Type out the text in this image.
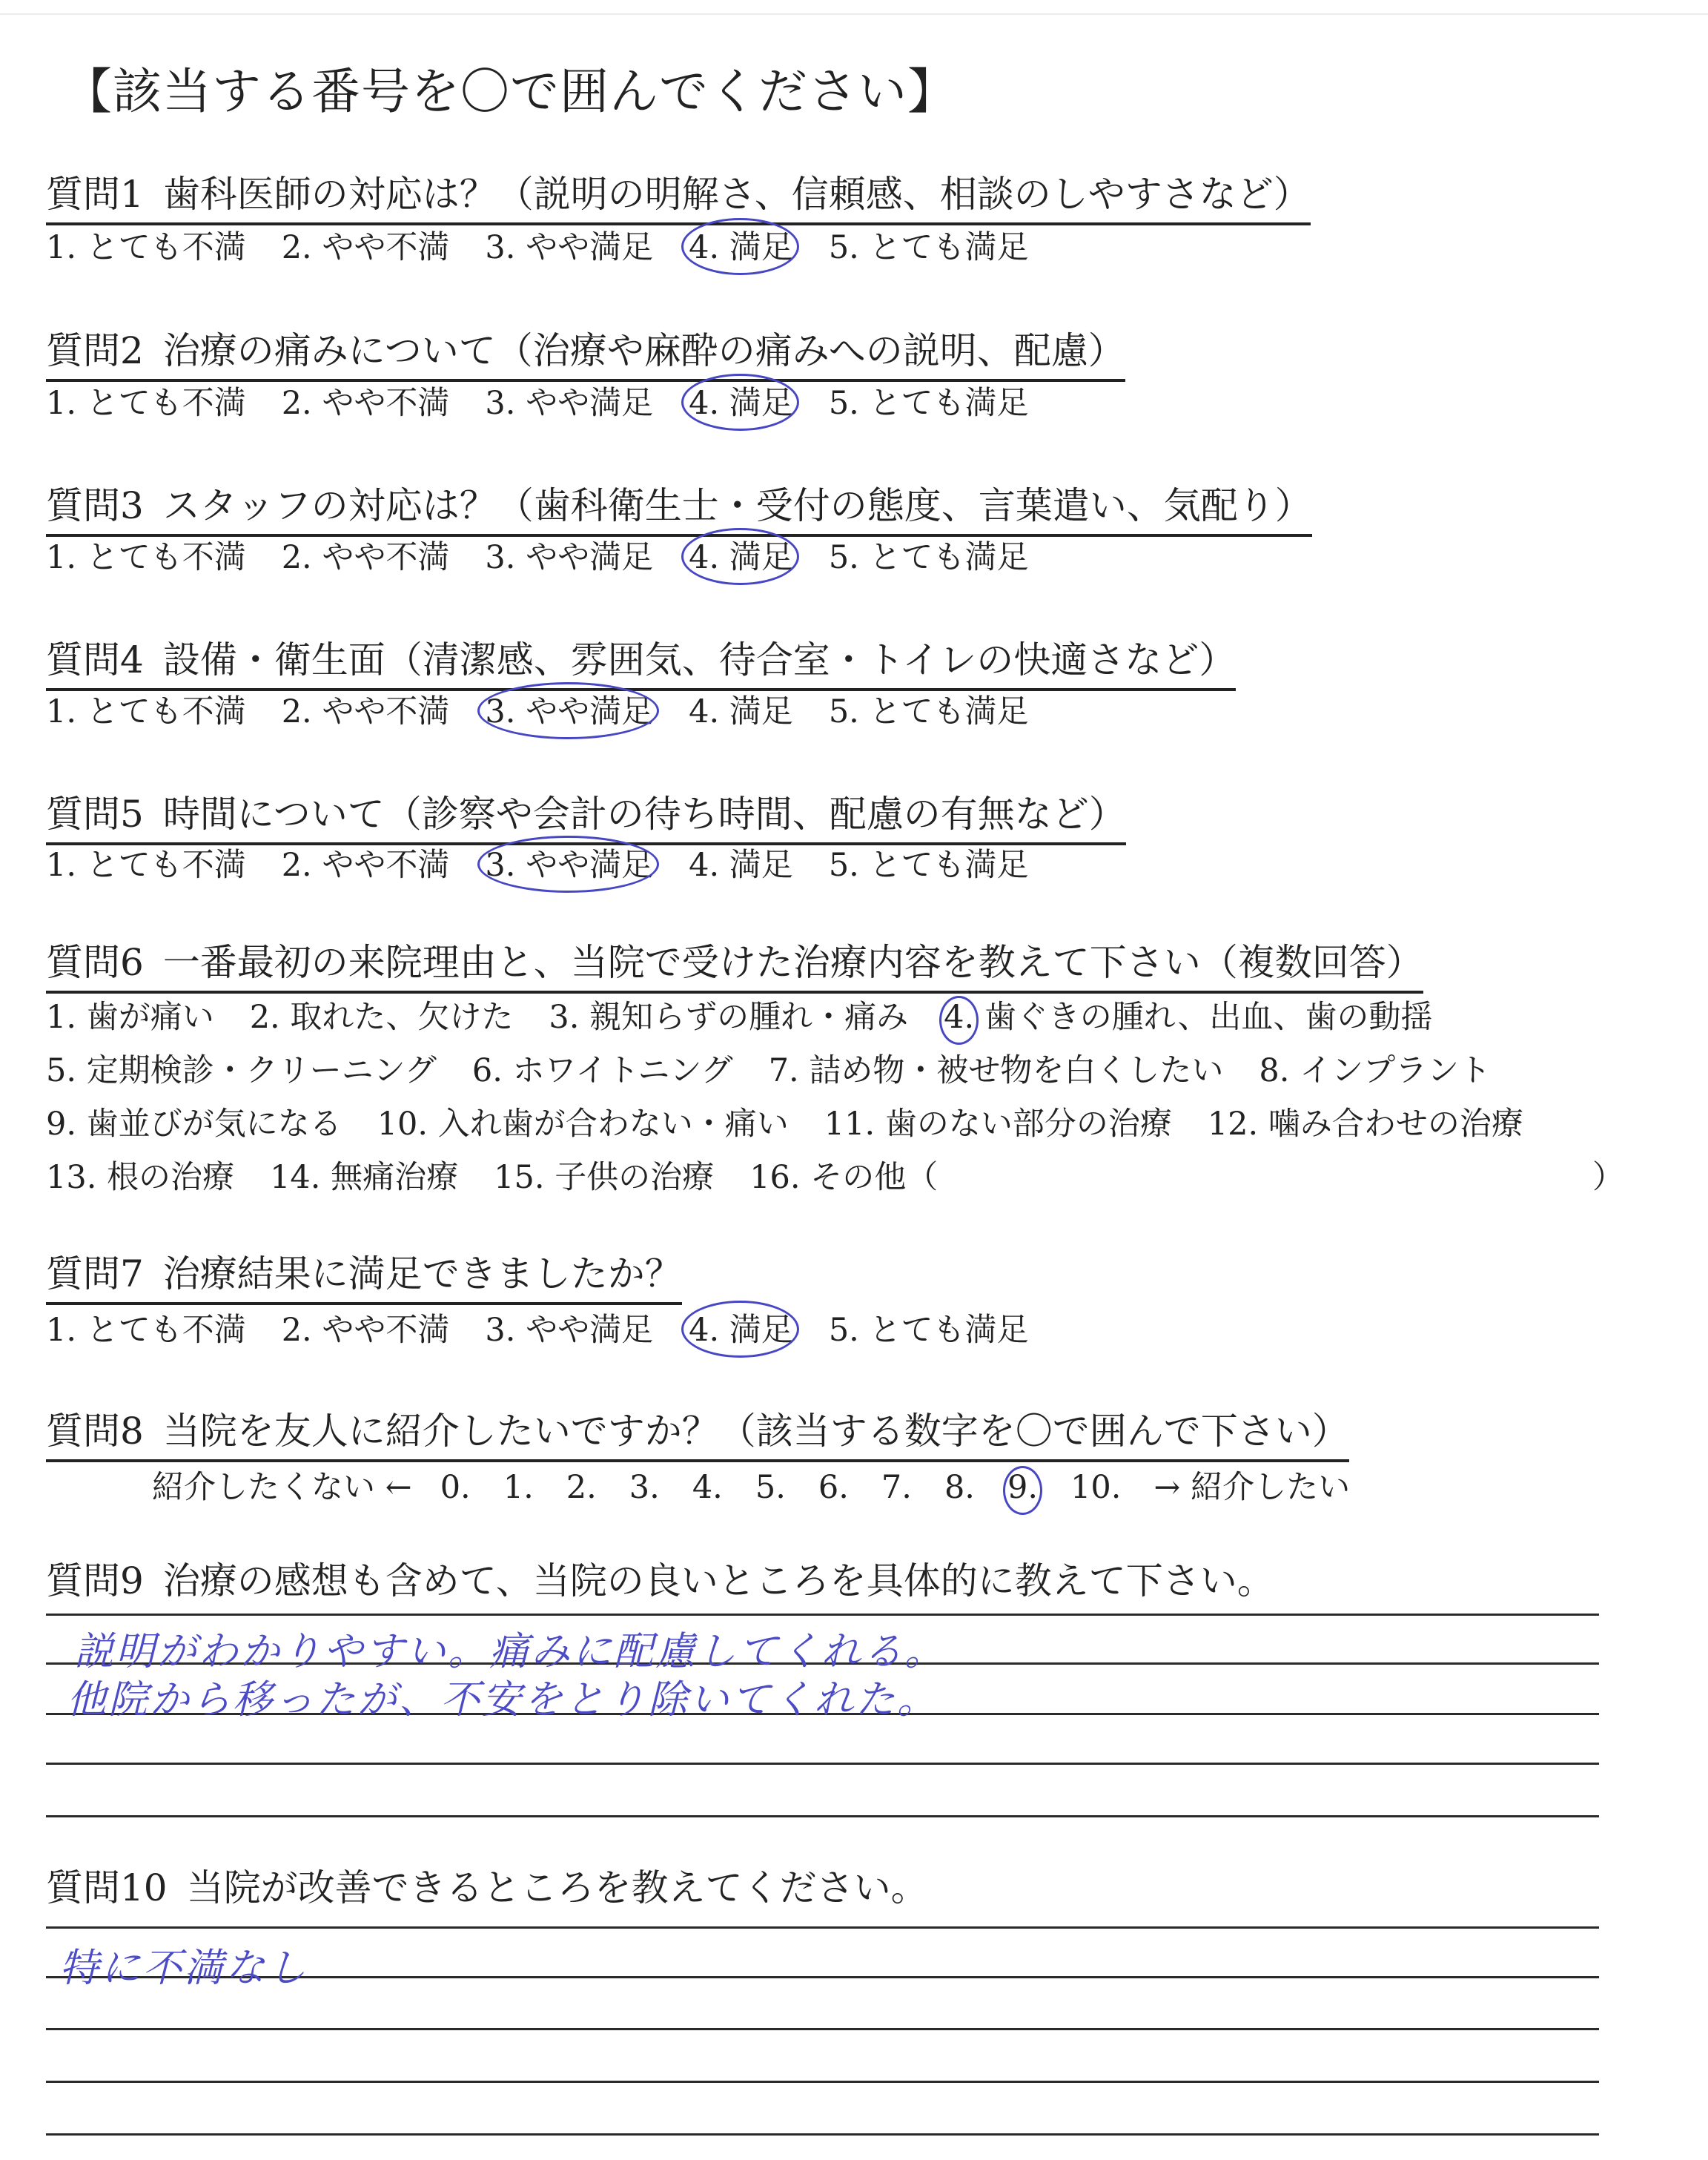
【該当する番号を〇で囲んでください】
質問1 歯科医師の対応は？（説明の明解さ、信頼感、相談のしやすさなど）
1. とても不満 2. やや不満 3. やや満足 4. 満足 5. とても満足
質問2 治療の痛みについて（治療や麻酔の痛みへの説明、配慮）
1. とても不満 2. やや不満 3. やや満足 4. 満足 5. とても満足
質問3 スタッフの対応は？（歯科衛生士・受付の態度、言葉遣い、気配り）
1. とても不満 2. やや不満 3. やや満足 4. 満足 5. とても満足
質問4 設備・衛生面（清潔感、雰囲気、待合室・トイレの快適さなど）
1. とても不満 2. やや不満 3. やや満足 4. 満足 5. とても満足
質問5 時間について（診察や会計の待ち時間、配慮の有無など）
1. とても不満 2. やや不満 3. やや満足 4. 満足 5. とても満足
質問6 一番最初の来院理由と、当院で受けた治療内容を教えて下さい（複数回答）
1. 歯が痛い 2. 取れた、欠けた 3. 親知らずの腫れ・痛み 4. 歯ぐきの腫れ、出血、歯の動揺
5. 定期検診・クリーニング 6. ホワイトニング 7. 詰め物・被せ物を白くしたい 8. インプラント
9. 歯並びが気になる 10. 入れ歯が合わない・痛い 11. 歯のない部分の治療 12. 噛み合わせの治療
13. 根の治療 14. 無痛治療 15. 子供の治療 16. その他（	）
質問7 治療結果に満足できましたか？
1. とても不満 2. やや不満 3. やや満足 4. 満足 5. とても満足
質問8 当院を友人に紹介したいですか？（該当する数字を〇で囲んで下さい）
紹介したくない ← 0. 1. 2. 3. 4. 5. 6. 7. 8. 9. 10. → 紹介したい
質問9 治療の感想も含めて、当院の良いところを具体的に教えて下さい。
説明がわかりやすい。痛みに配慮してくれる。
他院から移ったが、不安をとり除いてくれた。
質問10 当院が改善できるところを教えてください。
特に不満なし
